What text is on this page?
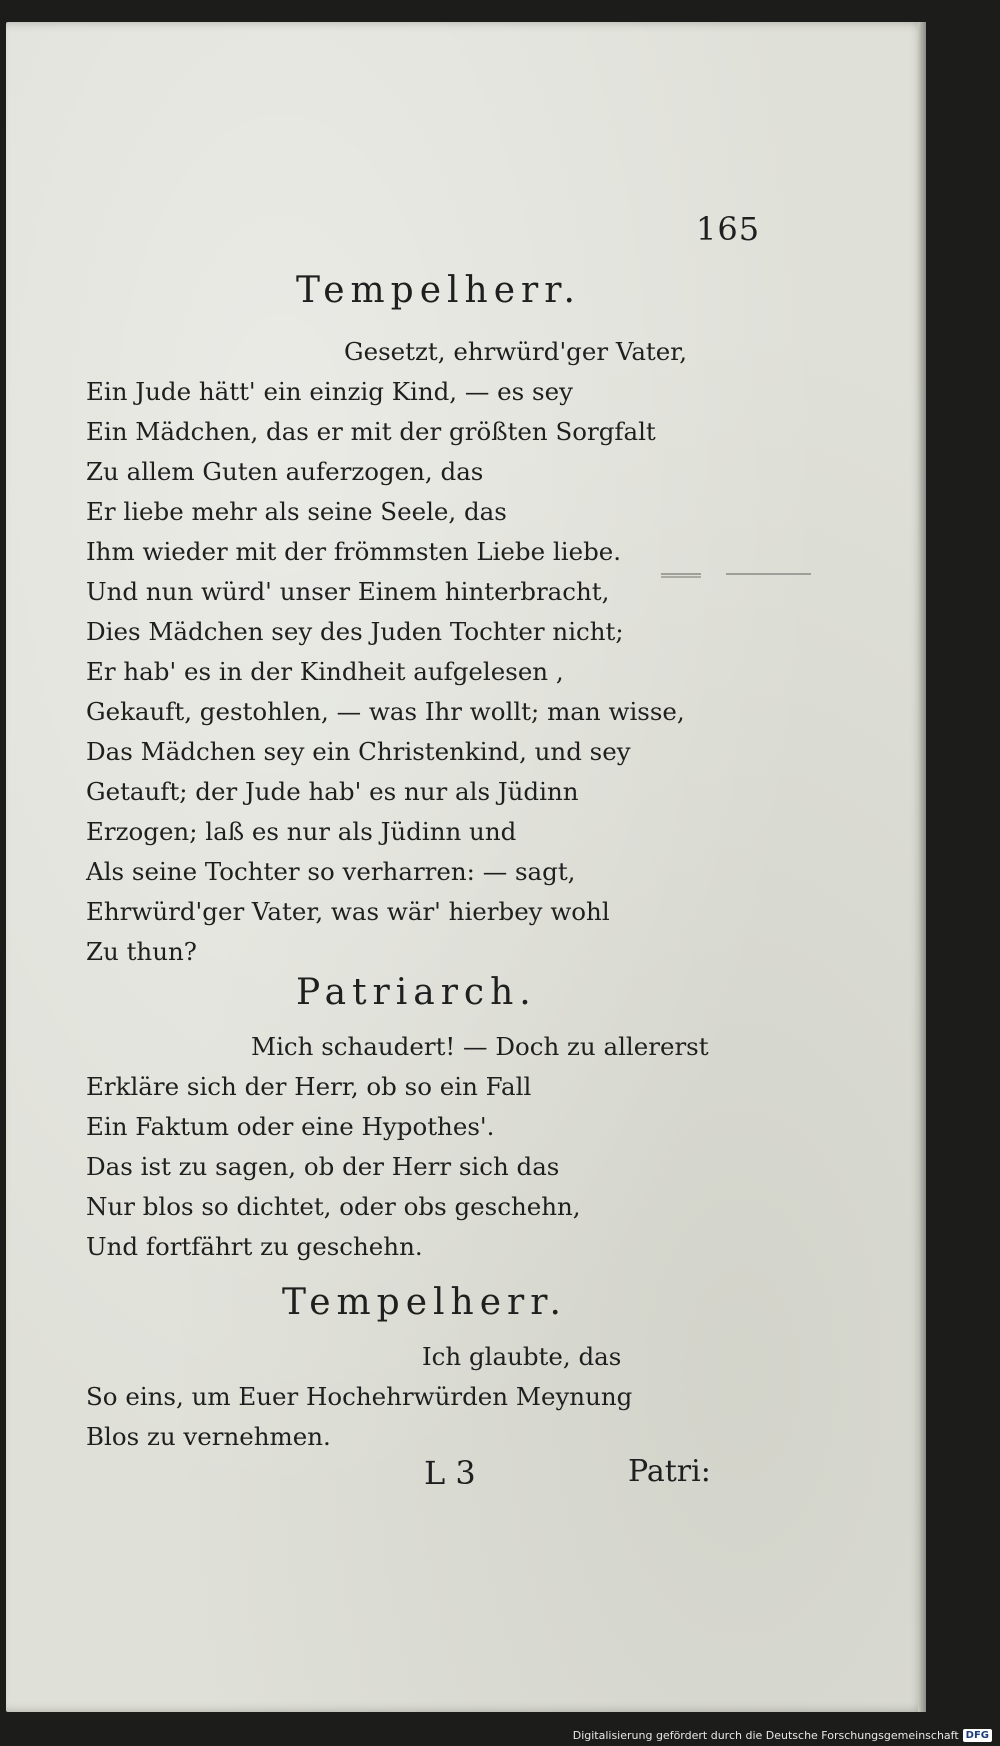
165
Tempelherr.
Gesetzt, ehrwürd'ger Vater,
Ein Jude hätt' ein einzig Kind, — es sey
Ein Mädchen, das er mit der größten Sorgfalt
Zu allem Guten auferzogen, das
Er liebe mehr als seine Seele, das
Ihm wieder mit der frömmsten Liebe liebe.
Und nun würd' unser Einem hinterbracht,
Dies Mädchen sey des Juden Tochter nicht;
Er hab' es in der Kindheit aufgelesen ,
Gekauft, gestohlen, — was Ihr wollt; man wisse,
Das Mädchen sey ein Christenkind, und sey
Getauft; der Jude hab' es nur als Jüdinn
Erzogen; laß es nur als Jüdinn und
Als seine Tochter so verharren: — sagt,
Ehrwürd'ger Vater, was wär' hierbey wohl
Zu thun?
Patriarch.
Mich schaudert! — Doch zu allererst
Erkläre sich der Herr, ob so ein Fall
Ein Faktum oder eine Hypothes'.
Das ist zu sagen, ob der Herr sich das
Nur blos so dichtet, oder obs geschehn,
Und fortfährt zu geschehn.
Tempelherr.
Ich glaubte, das
So eins, um Euer Hochehrwürden Meynung
Blos zu vernehmen.
L 3	Patri:
Digitalisierung gefördert durch die Deutsche Forschungsgemeinschaft DFG
